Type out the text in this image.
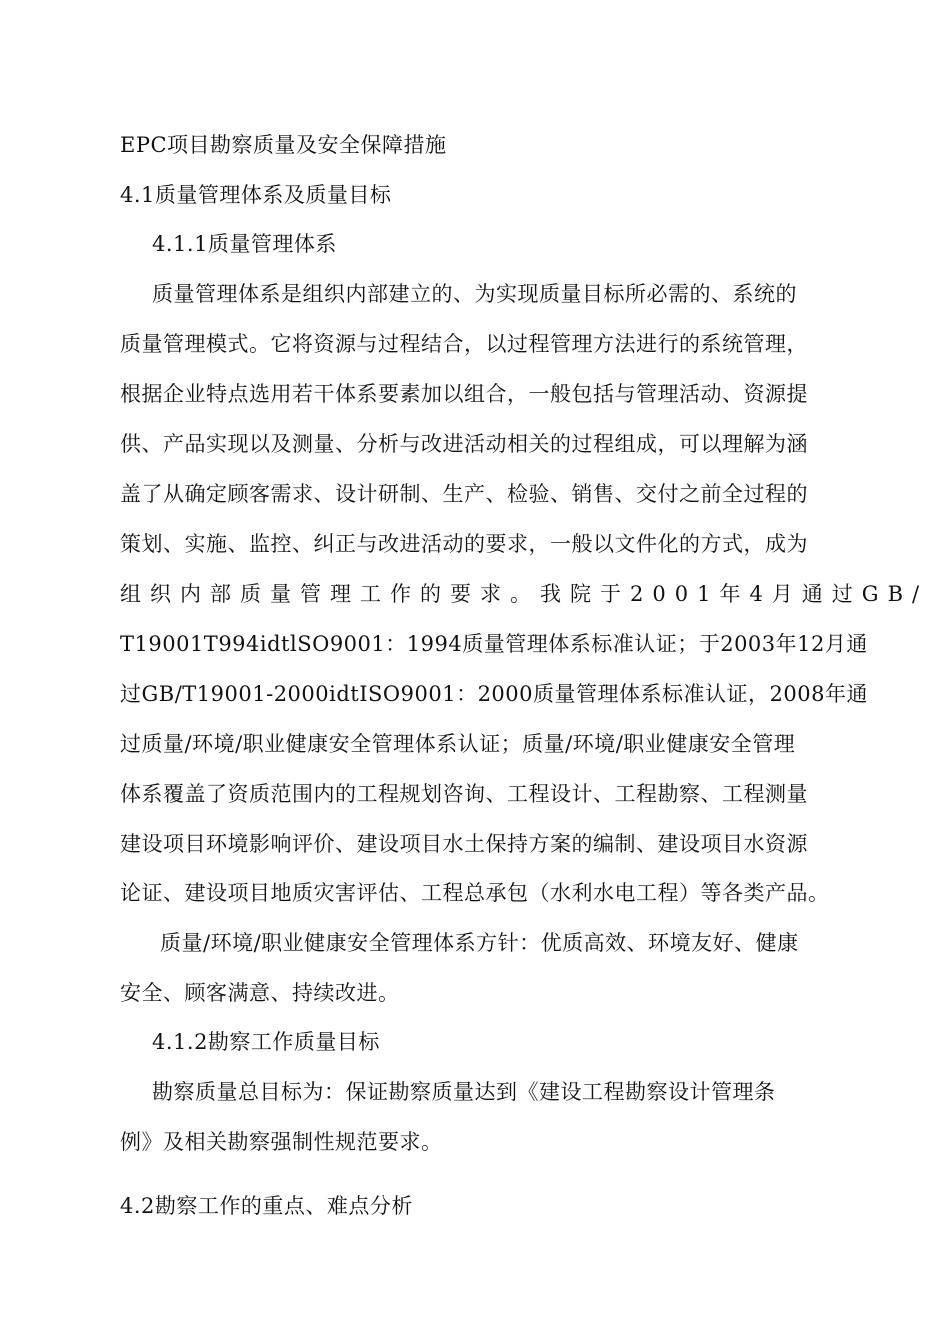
EPC项目勘察质量及安全保障措施
4.1质量管理体系及质量目标
4.1.1质量管理体系
质量管理体系是组织内部建立的、为实现质量目标所必需的、系统的
质量管理模式。它将资源与过程结合，以过程管理方法进行的系统管理，
根据企业特点选用若干体系要素加以组合，一般包括与管理活动、资源提
供、产品实现以及测量、分析与改进活动相关的过程组成，可以理解为涵
盖了从确定顾客需求、设计研制、生产、检验、销售、交付之前全过程的
策划、实施、监控、纠正与改进活动的要求，一般以文件化的方式，成为
组织内部质量管理工作的要求。我院于2001年4月通过GB/
T19001T994idtlSO9001：1994质量管理体系标准认证；于2003年12月通
过GB/T19001-2000idtISO9001：2000质量管理体系标准认证，2008年通
过质量/环境/职业健康安全管理体系认证；质量/环境/职业健康安全管理
体系覆盖了资质范围内的工程规划咨询、工程设计、工程勘察、工程测量
建设项目环境影响评价、建设项目水土保持方案的编制、建设项目水资源
论证、建设项目地质灾害评估、工程总承包（水利水电工程）等各类产品。
质量/环境/职业健康安全管理体系方针：优质高效、环境友好、健康
安全、顾客满意、持续改进。
4.1.2勘察工作质量目标
勘察质量总目标为：保证勘察质量达到《建设工程勘察设计管理条
例》及相关勘察强制性规范要求。
4.2勘察工作的重点、难点分析
